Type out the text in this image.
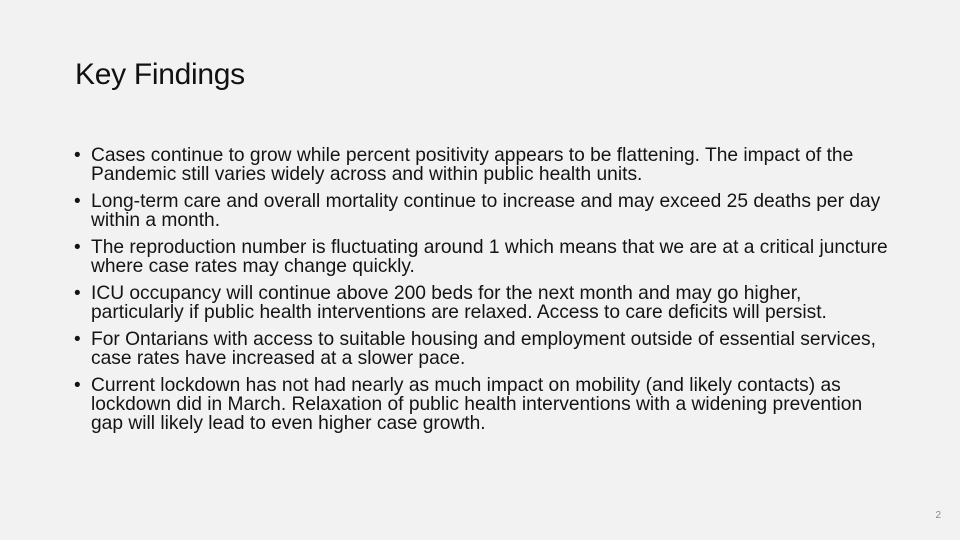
Key Findings
• Cases continue to grow while percent positivity appears to be flattening. The impact of the Pandemic still varies widely across and within public health units.
• Long-term care and overall mortality continue to increase and may exceed 25 deaths per day within a month.
• The reproduction number is fluctuating around 1 which means that we are at a critical juncture where case rates may change quickly.
• ICU occupancy will continue above 200 beds for the next month and may go higher, particularly if public health interventions are relaxed. Access to care deficits will persist.
• For Ontarians with access to suitable housing and employment outside of essential services, case rates have increased at a slower pace.
• Current lockdown has not had nearly as much impact on mobility (and likely contacts) as lockdown did in March. Relaxation of public health interventions with a widening prevention gap will likely lead to even higher case growth.
2
